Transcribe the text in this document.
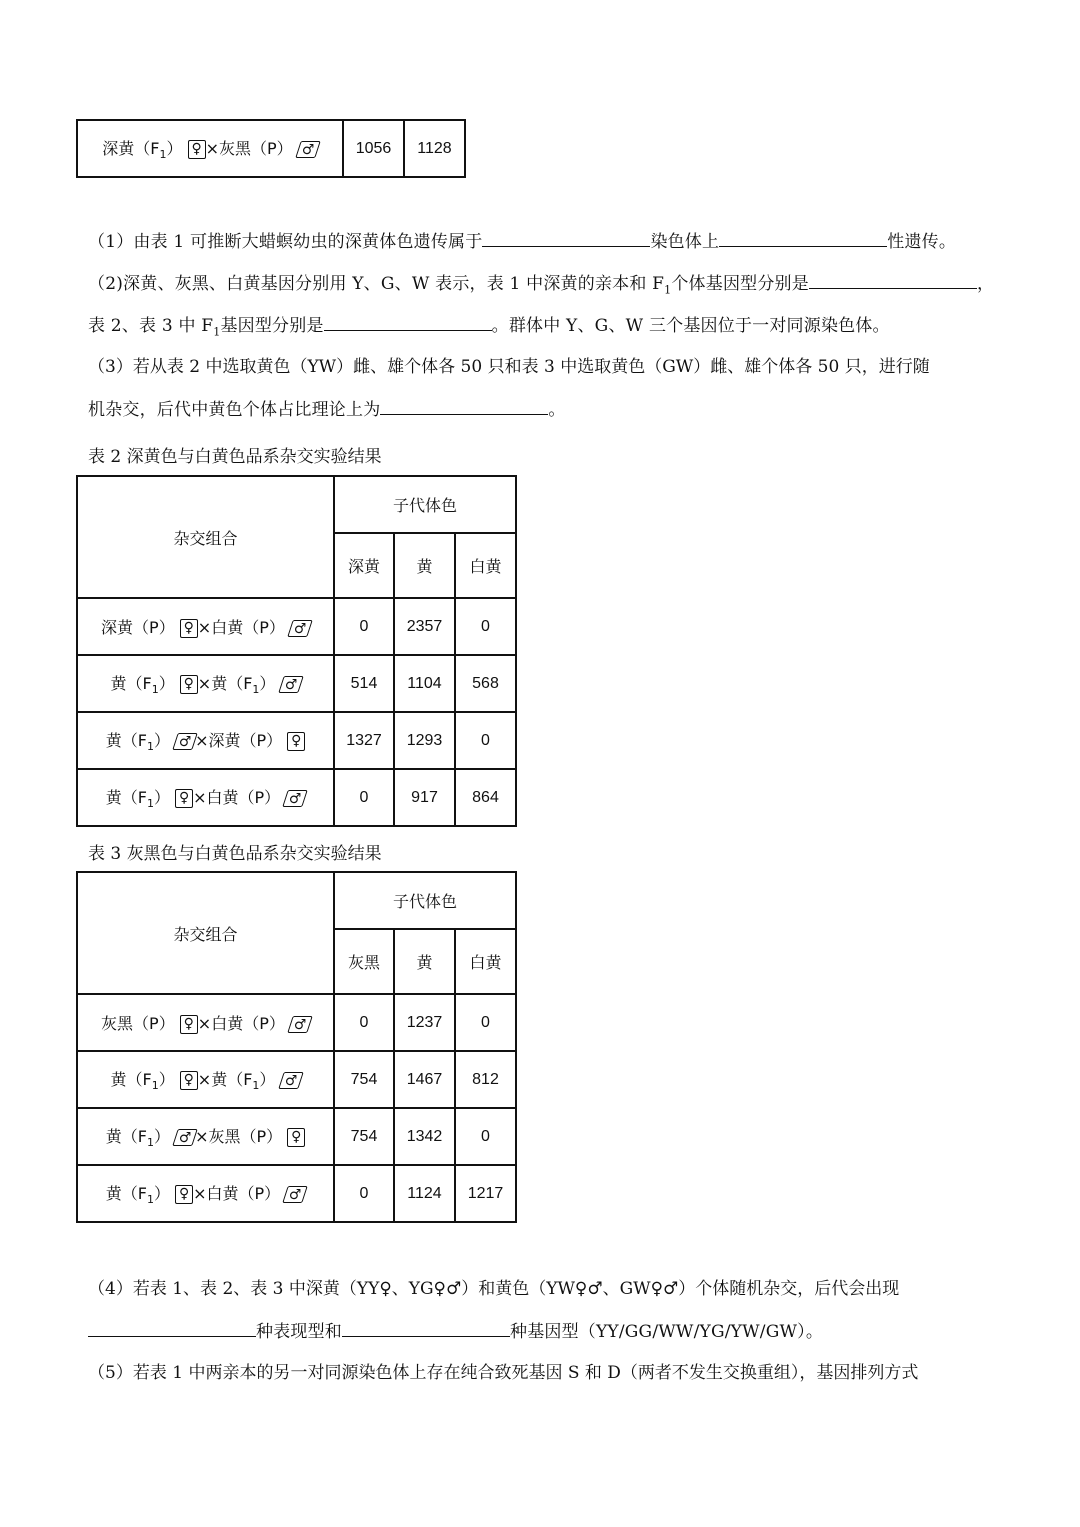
深黄$(F_1)$ ♀ ×灰黑（P） ♂	1056	1128
（1）由表 1 可推断大蜡螟幼虫的深黄体色遗传属于	染色体上	性遗传。
（2)深黄、灰黑、白黄基因分别用 Y、G、W 表示，表 1 中深黄的亲本和 $F_1$个体基因型分别是	，
表 2、表 3 中 $F_1$基因型分别是	。群体中 Y、G、W 三个基因位于一对同源染色体。
（3）若从表 2 中选取黄色（YW）雌、雄个体各 50 只和表 3 中选取黄色（GW）雌、雄个体各 50 只，进行随
机杂交，后代中黄色个体占比理论上为	。
表 2 深黄色与白黄色品系杂交实验结果
杂交组合	子代体色		
	深黄	黄	白黄
深黄（P） ♀ ×白黄（P） ♂	0	2357	0
黄$(F_1)$ ♀ ×黄$(F_1)$ ♂	514	1104	568
黄$(F_1)$ ♂ ×深黄（P） ♀	1327	1293	0
黄$(F_1)$ ♀ ×白黄（P） ♂	0	917	864
表 3 灰黑色与白黄色品系杂交实验结果
杂交组合	子代体色		
	灰黑	黄	白黄
灰黑（P） ♀ ×白黄（P） ♂	0	1237	0
黄$(F_1)$ ♀ ×黄$(F_1)$ ♂	754	1467	812
黄$(F_1)$ ♂ ×灰黑（P） ♀	754	1342	0
黄$(F_1)$ ♀ ×白黄（P） ♂	0	1124	1217
（4）若表 1、表 2、表 3 中深黄（YY♀、YG♀♂）和黄色（YW♀♂、GW♀♂）个体随机杂交，后代会出现
种表现型和	种基因型（YY/GG/WW/YG/YW/GW）。
（5）若表 1 中两亲本的另一对同源染色体上存在纯合致死基因 S 和 D（两者不发生交换重组），基因排列方式
